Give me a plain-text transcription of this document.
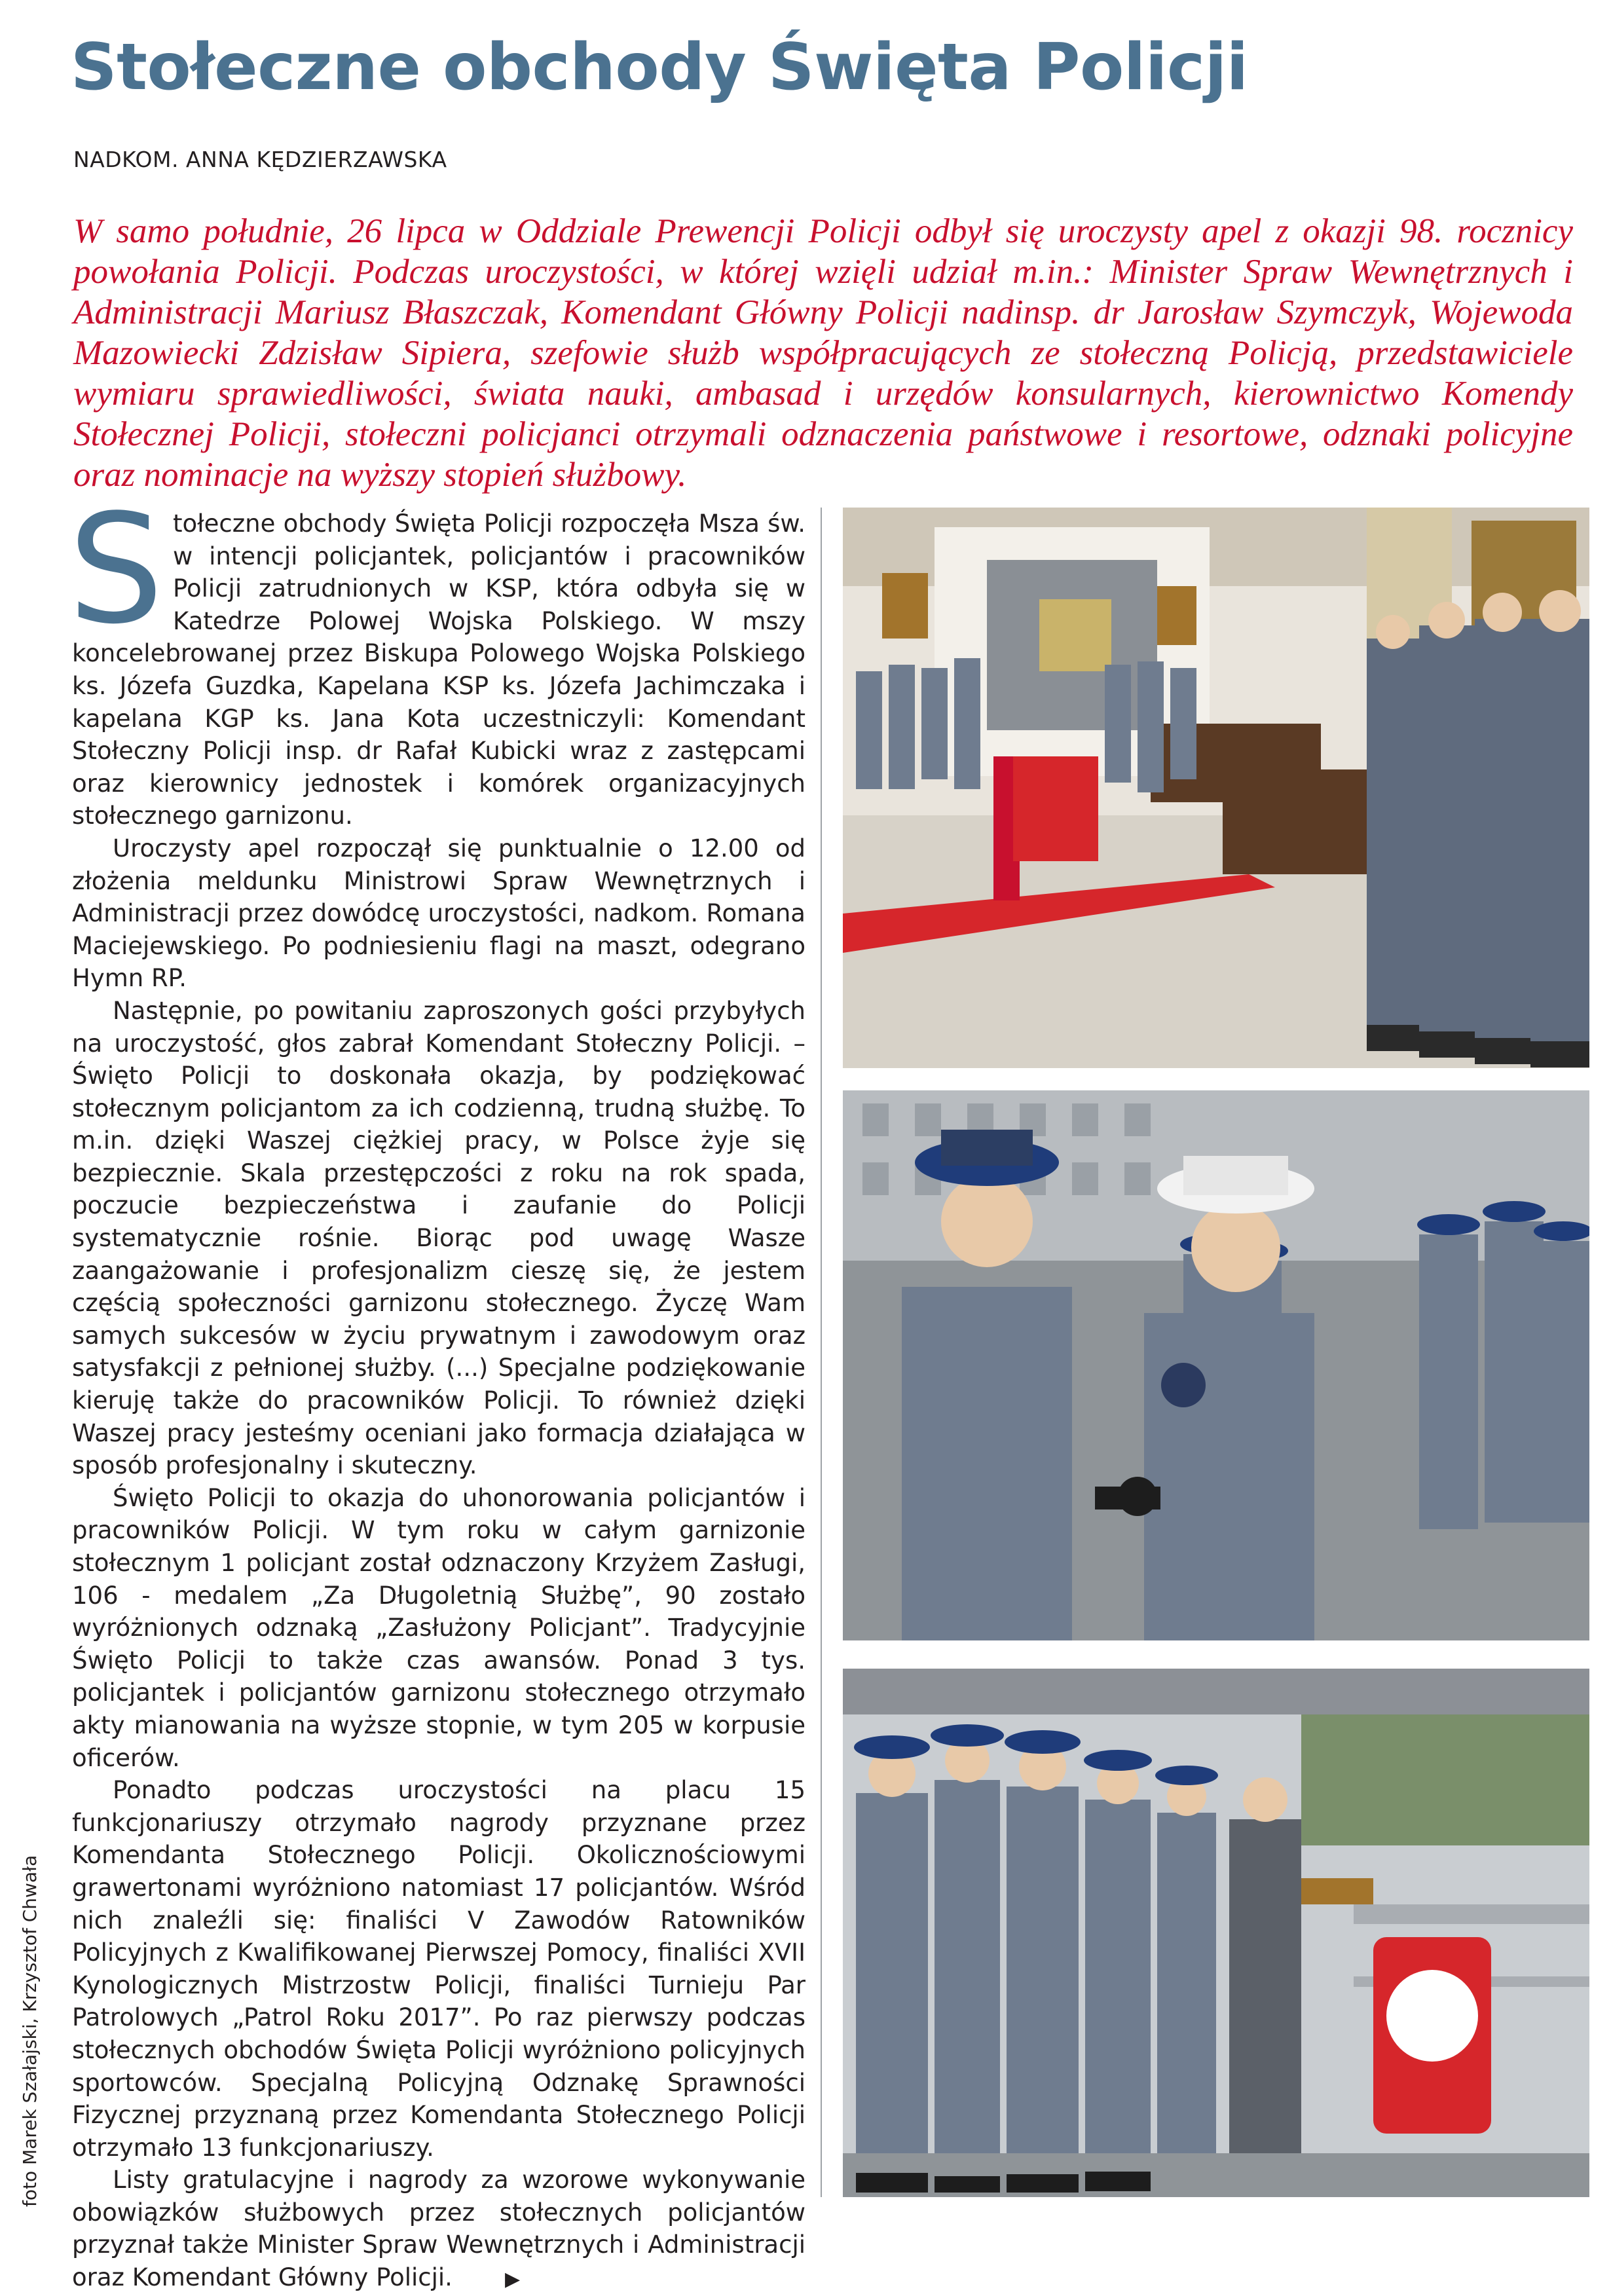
Stołeczne obchody Święta Policji
NADKOM. ANNA KĘDZIERZAWSKA

W samo południe, 26 lipca w Oddziale Prewencji Policji odbył się uroczysty apel z okazji 98. rocznicy powołania Policji. Podczas uroczystości, w której wzięli udział m.in.: Minister Spraw Wewnętrznych i Administracji Mariusz Błaszczak, Komendant Główny Policji nadinsp. dr Jarosław Szymczyk, Wojewoda Mazowiecki Zdzisław Sipiera, szefowie służb współpracujących ze stołeczną Policją, przedstawiciele wymiaru sprawiedliwości, świata nauki, ambasad i urzędów konsularnych, kierownictwo Komendy Stołecznej Policji, stołeczni policjanci otrzymali odznaczenia państwowe i resortowe, odznaki policyjne oraz nominacje na wyższy stopień służbowy.

Stołeczne obchody Święta Policji rozpoczęła Msza św. w intencji policjantek, policjantów i pracowników Policji zatrudnionych w KSP, która odbyła się w Katedrze Polowej Wojska Polskiego. W mszy koncelebrowanej przez Biskupa Polowego Wojska Polskiego ks. Józefa Guzdka, Kapelana KSP ks. Józefa Jachimczaka i kapelana KGP ks. Jana Kota uczestniczyli: Komendant Stołeczny Policji insp. dr Rafał Kubicki wraz z zastępcami oraz kierownicy jednostek i komórek organizacyjnych stołecznego garnizonu.

Uroczysty apel rozpoczął się punktualnie o 12.00 od złożenia meldunku Ministrowi Spraw Wewnętrznych i Administracji przez dowódcę uroczystości, nadkom. Romana Maciejewskiego. Po podniesieniu flagi na maszt, odegrano Hymn RP.

Następnie, po powitaniu zaproszonych gości przybyłych na uroczystość, głos zabrał Komendant Stołeczny Policji. – Święto Policji to doskonała okazja, by podziękować stołecznym policjantom za ich codzienną, trudną służbę. To m.in. dzięki Waszej ciężkiej pracy, w Polsce żyje się bezpiecznie. Skala przestępczości z roku na rok spada, poczucie bezpieczeństwa i zaufanie do Policji systematycznie rośnie. Biorąc pod uwagę Wasze zaangażowanie i profesjonalizm cieszę się, że jestem częścią społeczności garnizonu stołecznego. Życzę Wam samych sukcesów w życiu prywatnym i zawodowym oraz satysfakcji z pełnionej służby. (...) Specjalne podziękowanie kieruję także do pracowników Policji. To również dzięki Waszej pracy jesteśmy oceniani jako formacja działająca w sposób profesjonalny i skuteczny.

Święto Policji to okazja do uhonorowania policjantów i pracowników Policji. W tym roku w całym garnizonie stołecznym 1 policjant został odznaczony Krzyżem Zasługi, 106 - medalem „Za Długoletnią Służbę”, 90 zostało wyróżnionych odznaką „Zasłużony Policjant”. Tradycyjnie Święto Policji to także czas awansów. Ponad 3 tys. policjantek i policjantów garnizonu stołecznego otrzymało akty mianowania na wyższe stopnie, w tym 205 w korpusie oficerów.

Ponadto podczas uroczystości na placu 15 funkcjonariuszy otrzymało nagrody przyznane przez Komendanta Stołecznego Policji. Okolicznościowymi grawertonami wyróżniono natomiast 17 policjantów. Wśród nich znaleźli się: finaliści V Zawodów Ratowników Policyjnych z Kwalifikowanej Pierwszej Pomocy, finaliści XVII Kynologicznych Mistrzostw Policji, finaliści Turnieju Par Patrolowych „Patrol Roku 2017”. Po raz pierwszy podczas stołecznych obchodów Święta Policji wyróżniono policyjnych sportowców. Specjalną Policyjną Odznakę Sprawności Fizycznej przyznaną przez Komendanta Stołecznego Policji otrzymało 13 funkcjonariuszy.

Listy gratulacyjne i nagrody za wzorowe wykonywanie obowiązków służbowych przez stołecznych policjantów przyznał także Minister Spraw Wewnętrznych i Administracji oraz Komendant Główny Policji.	▶

foto Marek Szałajski, Krzysztof Chwała
